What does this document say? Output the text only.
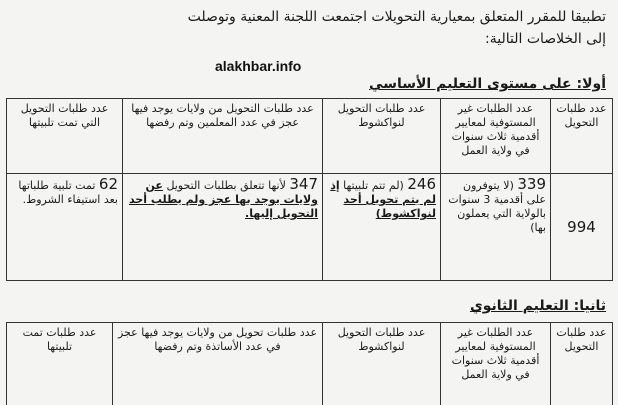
تطبيقا للمقرر المتعلق بمعيارية التحويلات اجتمعت اللجنة المعنية وتوصلت
إلى الخلاصات التالية:
alakhbar.info
أولا: على مستوى التعليم الأساسي
عدد طلبات التحويل	عدد الطلبات غير المستوفية لمعايير أقدمية ثلاث سنوات في ولاية العمل	عدد طلبات التحويل لنواكشوط	عدد طلبات التحويل من ولايات يوجد فيها عجز في عدد المعلمين وتم رفضها	عدد طلبات التحويل التي تمت تلبيتها
994	339 (لا يتوفرون على أقدمية 3 سنوات بالولاية التي يعملون بها)	246 (لم تتم تلبيتها إذ لم يتم تحويل أحد لنواكشوط)	347 لأنها تتعلق بطلبات التحويل عن ولايات يوجد بها عجز ولم يطلب أحد التحويل إليها.	62 تمت تلبية طلباتها بعد استيفاء الشروط.
ثانيا: التعليم الثانوي
عدد طلبات التحويل	عدد الطلبات غير المستوفية لمعايير أقدمية ثلاث سنوات في ولاية العمل	عدد طلبات التحويل لنواكشوط	عدد طلبات تحويل من ولايات يوجد فيها عجز في عدد الأساتذة وتم رفضها	عدد طلبات تمت تلبيتها
